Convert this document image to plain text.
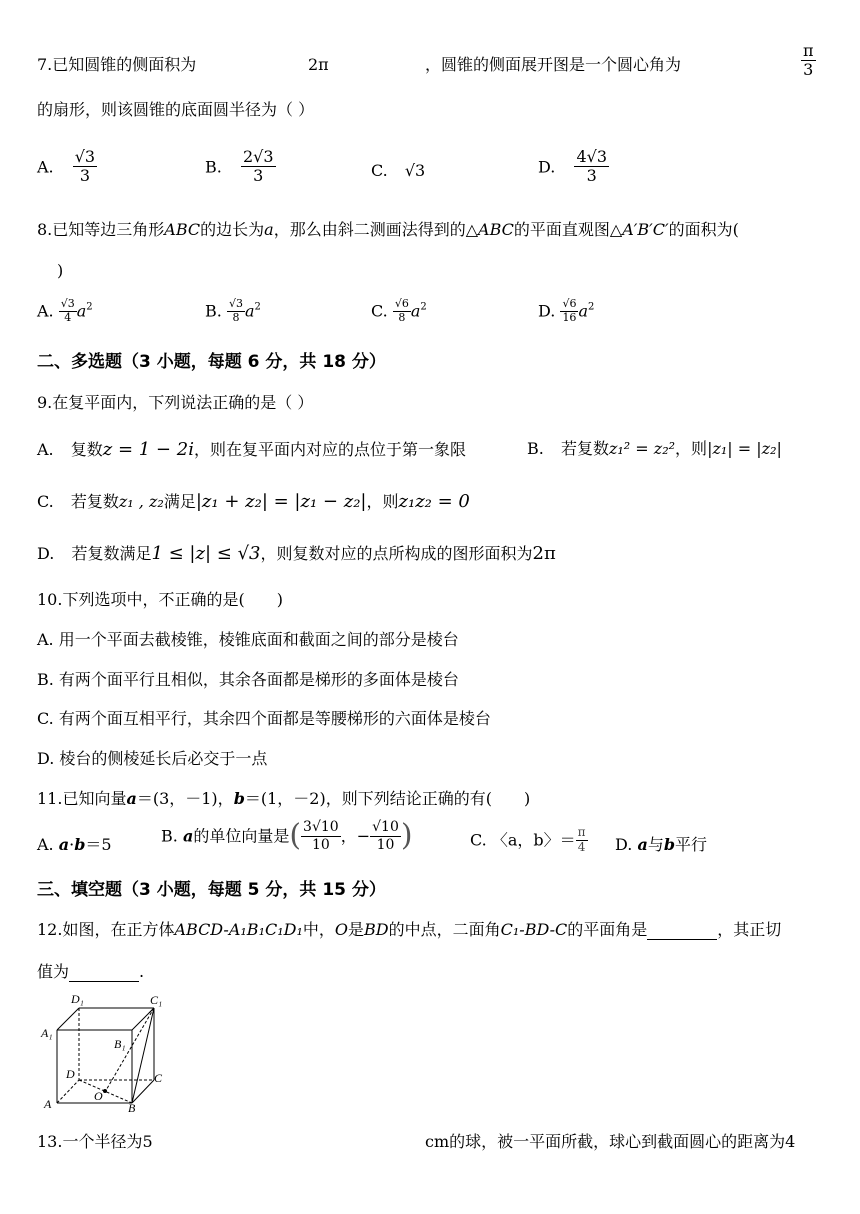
7.已知圆锥的侧面积为	2π	，圆锥的侧面展开图是一个圆心角为	$\frac{\pi}{3}$
的扇形，则该圆锥的底面圆半径为（ ）
A. $\frac{√3}{3}$	B. $\frac{2√3}{3}$	C. √3	D. $\frac{4√3}{3}$
8.已知等边三角形ABC的边长为a，那么由斜二测画法得到的△ABC的平面直观图△A′B′C′的面积为(
)
A. $\frac{√3}{4} a^2$	B. $\frac{√3}{8} a^2$	C. $\frac{√6}{8} a^2$	D. $\frac{√6}{16} a^2$
二、多选题（3 小题，每题 6 分，共 18 分）
9.在复平面内，下列说法正确的是（ ）
A. 复数z = 1 − 2i，则在复平面内对应的点位于第一象限	B. 若复数z₁² = z₂²，则|z₁| = |z₂|
C. 若复数z₁ , z₂满足|z₁ + z₂| = |z₁ − z₂|，则z₁z₂ = 0
D. 若复数满足1 ≤ |z| ≤ √3，则复数对应的点所构成的图形面积为2π
10.下列选项中，不正确的是(　　)
A. 用一个平面去截棱锥，棱锥底面和截面之间的部分是棱台
B. 有两个面平行且相似，其余各面都是梯形的多面体是棱台
C. 有两个面互相平行，其余四个面都是等腰梯形的六面体是棱台
D. 棱台的侧棱延长后必交于一点
11.已知向量a＝(3，－1)，b＝(1，－2)，则下列结论正确的有(　　)
A. a·b＝5	B. a的单位向量是( $\frac{3√10}{10}$ ，− $\frac{√10}{10}$ )	C. 〈a，b〉＝ $\frac{\pi}{4} D$. a与b平行
三、填空题（3 小题，每题 5 分，共 15 分）
12.如图，在正方体ABCD-A₁B₁C₁D₁中，O是BD的中点，二面角C₁-BD-C的平面角是	，其正切
值为	.
D₁	C₁
A₁
B₁
D	C
A	B
O
13.一个半径为5	cm的球，被一平面所截，球心到截面圆心的距离为4
